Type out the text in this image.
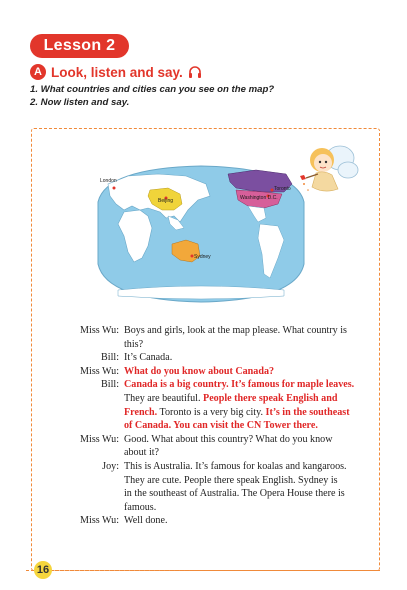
Lesson 2
A Look, listen and say.
1. What countries and cities can you see on the map?
2. Now listen and say.
London
Beijing
Toronto
Washington D.C.
Sydney
Miss Wu: Boys and girls, look at the map please. What country is
this?
Bill: It’s Canada.
Miss Wu: What do you know about Canada?
Bill: Canada is a big country. It’s famous for maple leaves.
They are beautiful. People there speak English and
French. Toronto is a very big city. It’s in the southeast
of Canada. You can visit the CN Tower there.
Miss Wu: Good. What about this country? What do you know
about it?
Joy: This is Australia. It’s famous for koalas and kangaroos.
They are cute. People there speak English. Sydney is
in the southeast of Australia. The Opera House there is
famous.
Miss Wu: Well done.
16
